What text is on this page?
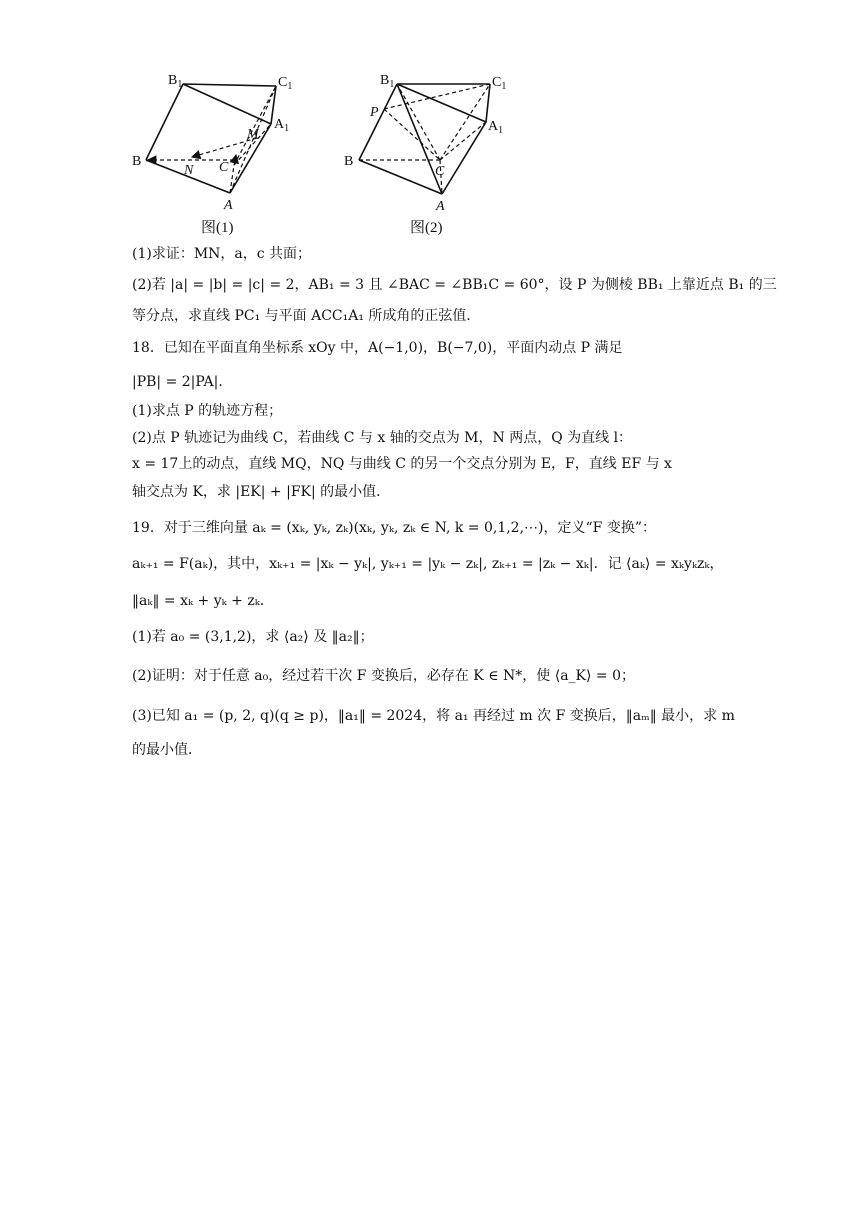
$B_1$	$C_1$
$A_1$
B
N
M
C
A
图(1)
$B_1$	$C_1$
$A_1$
P
B
C
A
图(2)
(1)求证：MN，a，c 共面；
(2)若 |a| = |b| = |c| = 2，AB₁ = 3 且 ∠BAC = ∠BB₁C = 60°，设 P 为侧棱 BB₁ 上靠近点 B₁ 的三
等分点，求直线 PC₁ 与平面 ACC₁A₁ 所成角的正弦值．
18．已知在平面直角坐标系 xOy 中，A(−1,0)，B(−7,0)，平面内动点 P 满足
|PB| = 2|PA|．
(1)求点 P 的轨迹方程；
(2)点 P 轨迹记为曲线 C，若曲线 C 与 x 轴的交点为 M，N 两点，Q 为直线 l：
x = 17上的动点，直线 MQ，NQ 与曲线 C 的另一个交点分别为 E，F，直线 EF 与 x
轴交点为 K，求 |EK| + |FK| 的最小值．
19．对于三维向量 aₖ = (xₖ, yₖ, zₖ)(xₖ, yₖ, zₖ ∈ N, k = 0,1,2,⋯)，定义“F 变换”：
aₖ₊₁ = F(aₖ)，其中，xₖ₊₁ = |xₖ − yₖ|, yₖ₊₁ = |yₖ − zₖ|, zₖ₊₁ = |zₖ − xₖ|．记 ⟨aₖ⟩ = xₖyₖzₖ，
‖aₖ‖ = xₖ + yₖ + zₖ．
(1)若 a₀ = (3,1,2)，求 ⟨a₂⟩ 及 ‖a₂‖；
(2)证明：对于任意 a₀，经过若干次 F 变换后，必存在 K ∈ N*，使 ⟨a_K⟩ = 0；
(3)已知 a₁ = (p, 2, q)(q ≥ p)，‖a₁‖ = 2024，将 a₁ 再经过 m 次 F 变换后，‖aₘ‖ 最小，求 m
的最小值．
